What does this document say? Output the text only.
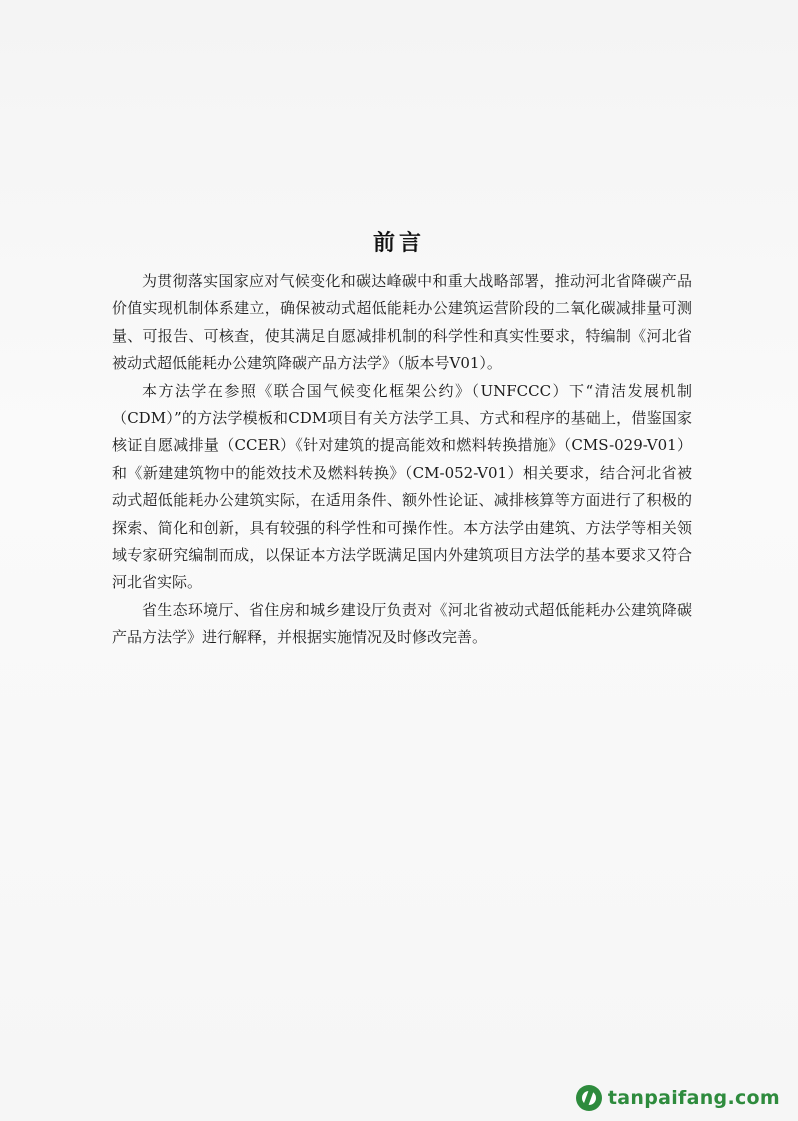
前言

为贯彻落实国家应对气候变化和碳达峰碳中和重大战略部署，推动河北省降碳产品价值实现机制体系建立，确保被动式超低能耗办公建筑运营阶段的二氧化碳减排量可测量、可报告、可核查，使其满足自愿减排机制的科学性和真实性要求，特编制《河北省被动式超低能耗办公建筑降碳产品方法学》（版本号V01）。

本方法学在参照《联合国气候变化框架公约》（UNFCCC）下“清洁发展机制（CDM）”的方法学模板和CDM项目有关方法学工具、方式和程序的基础上，借鉴国家核证自愿减排量（CCER）《针对建筑的提高能效和燃料转换措施》（CMS-029-V01）和《新建建筑物中的能效技术及燃料转换》（CM-052-V01）相关要求，结合河北省被动式超低能耗办公建筑实际，在适用条件、额外性论证、减排核算等方面进行了积极的探索、简化和创新，具有较强的科学性和可操作性。本方法学由建筑、方法学等相关领域专家研究编制而成，以保证本方法学既满足国内外建筑项目方法学的基本要求又符合河北省实际。

省生态环境厅、省住房和城乡建设厅负责对《河北省被动式超低能耗办公建筑降碳产品方法学》进行解释，并根据实施情况及时修改完善。

tanpaifang.com
